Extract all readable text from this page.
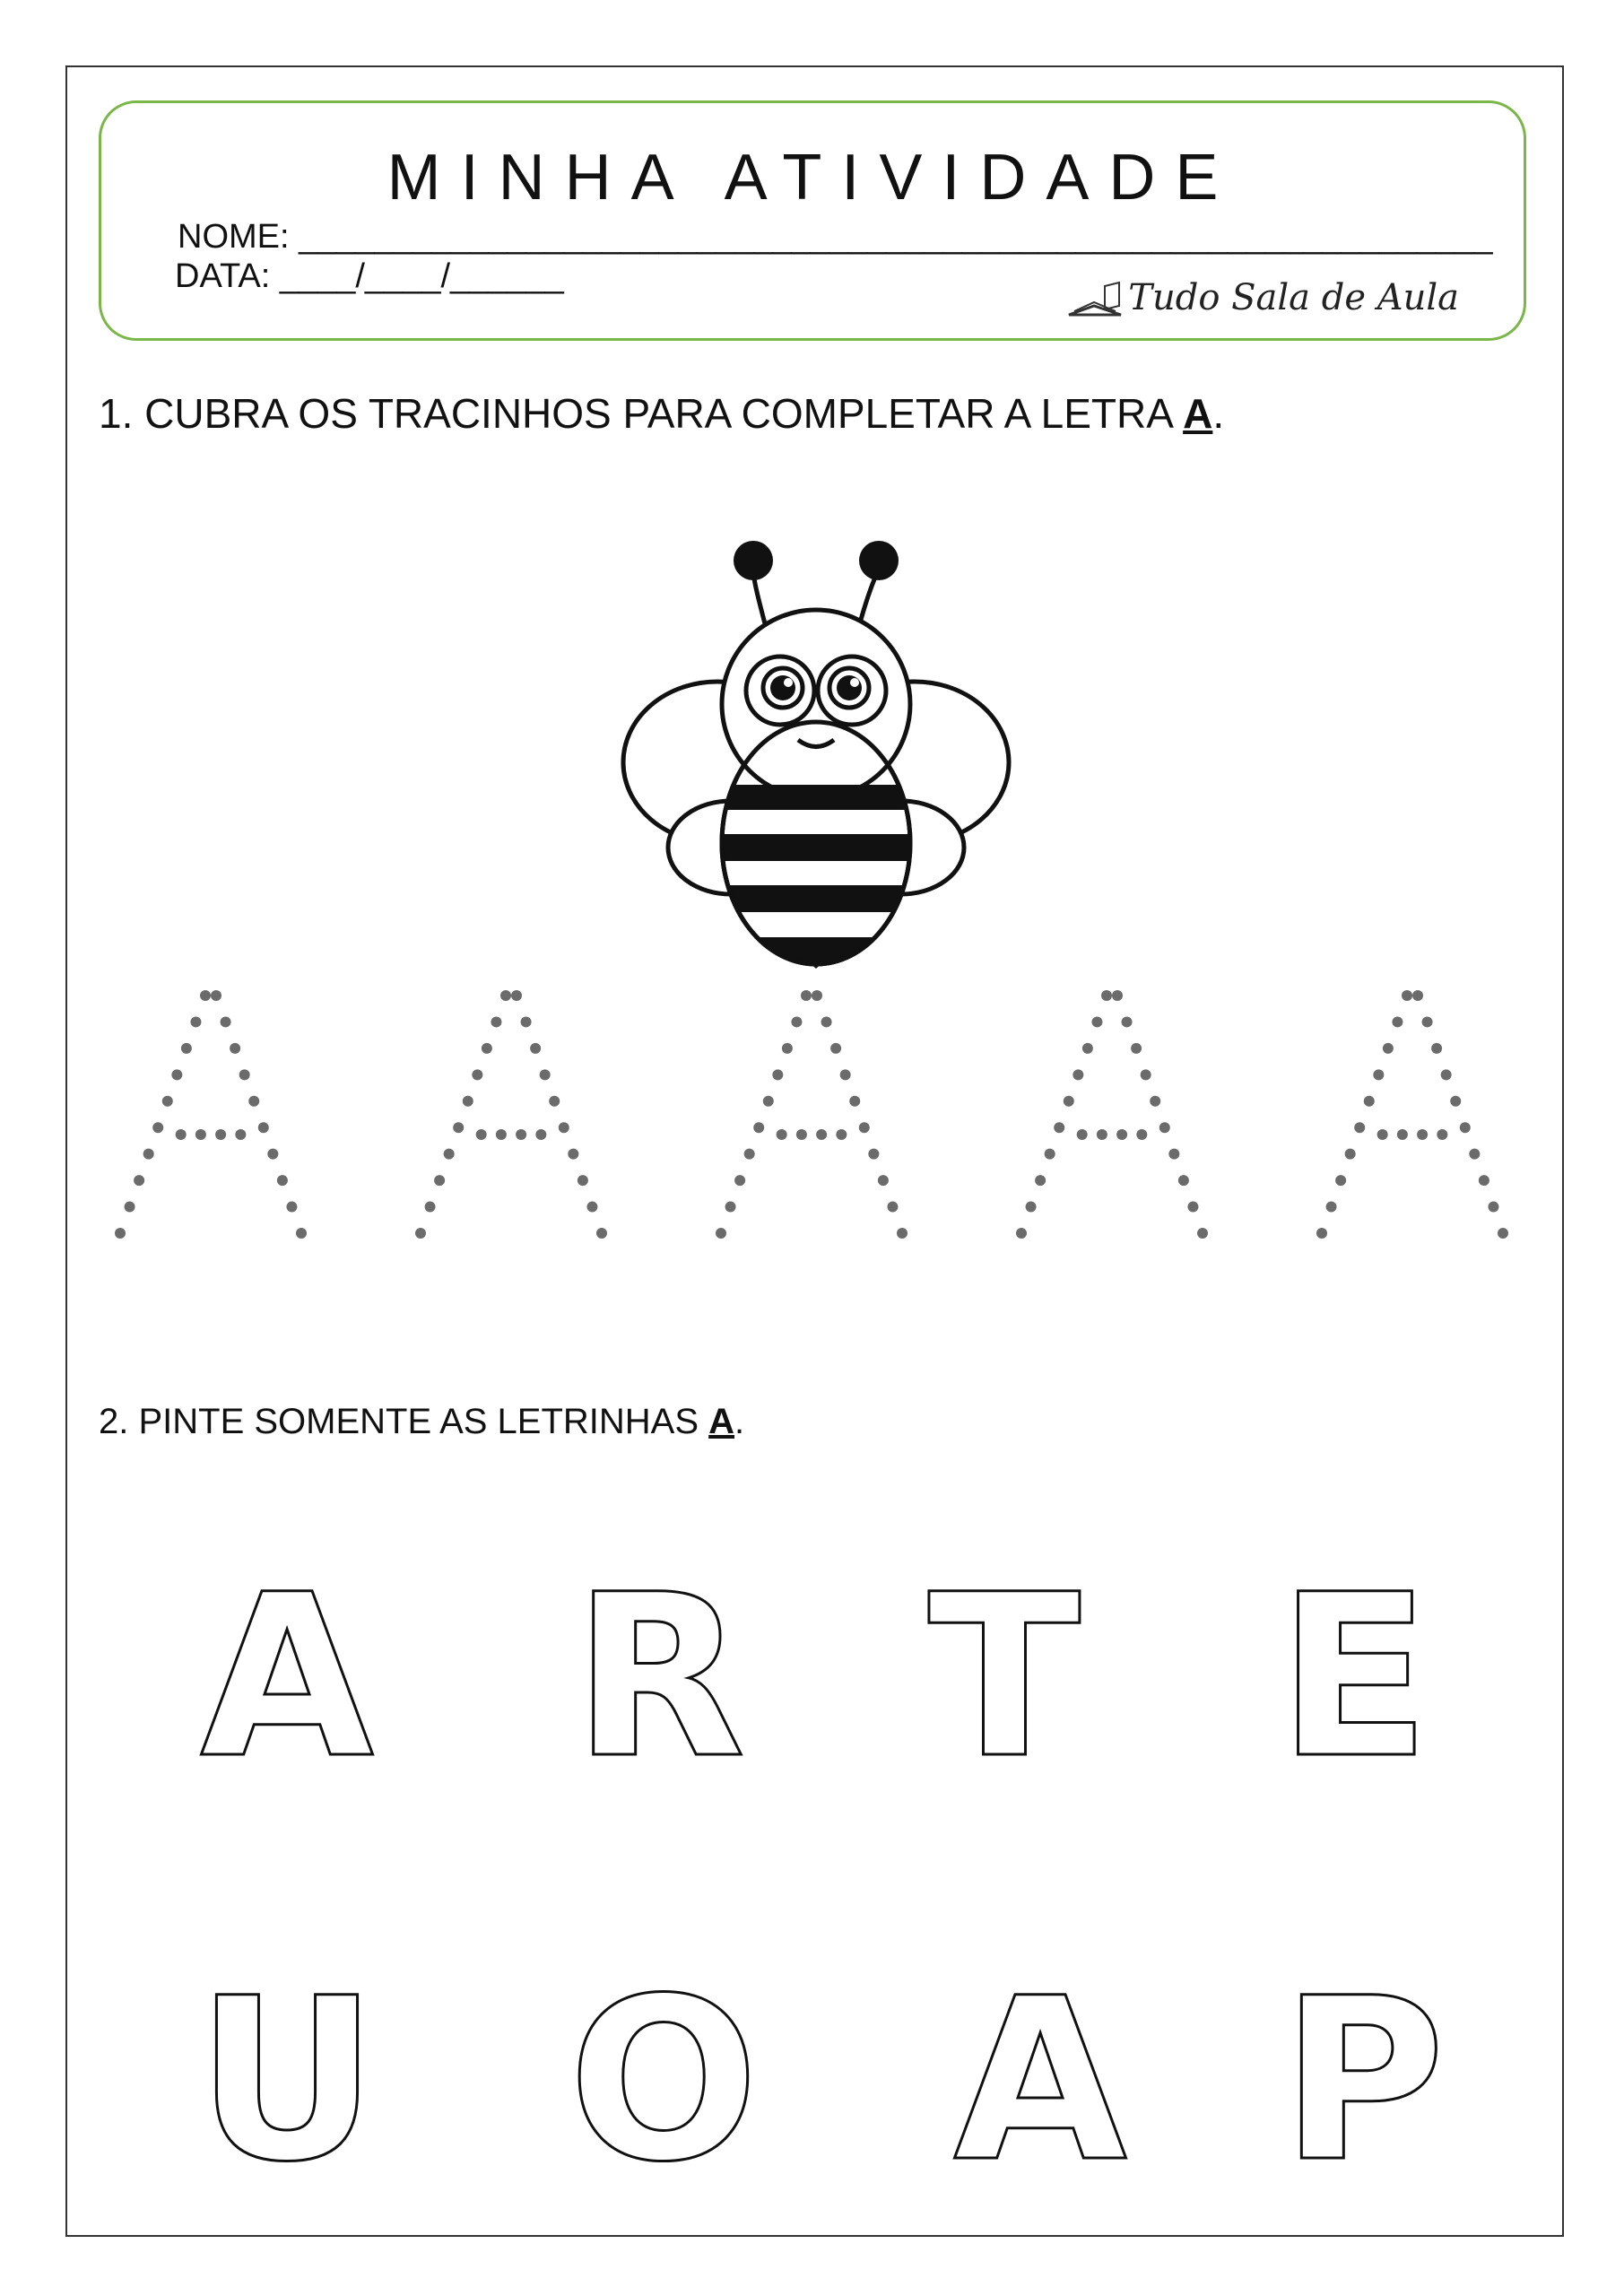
MINHA ATIVIDADE
NOME: _______________________________________________________________
DATA: ____/____/______
Tudo Sala de Aula
1. CUBRA OS TRACINHOS PARA COMPLETAR A LETRA A.
2. PINTE SOMENTE AS LETRINHAS A.
A R T E
U O A P
